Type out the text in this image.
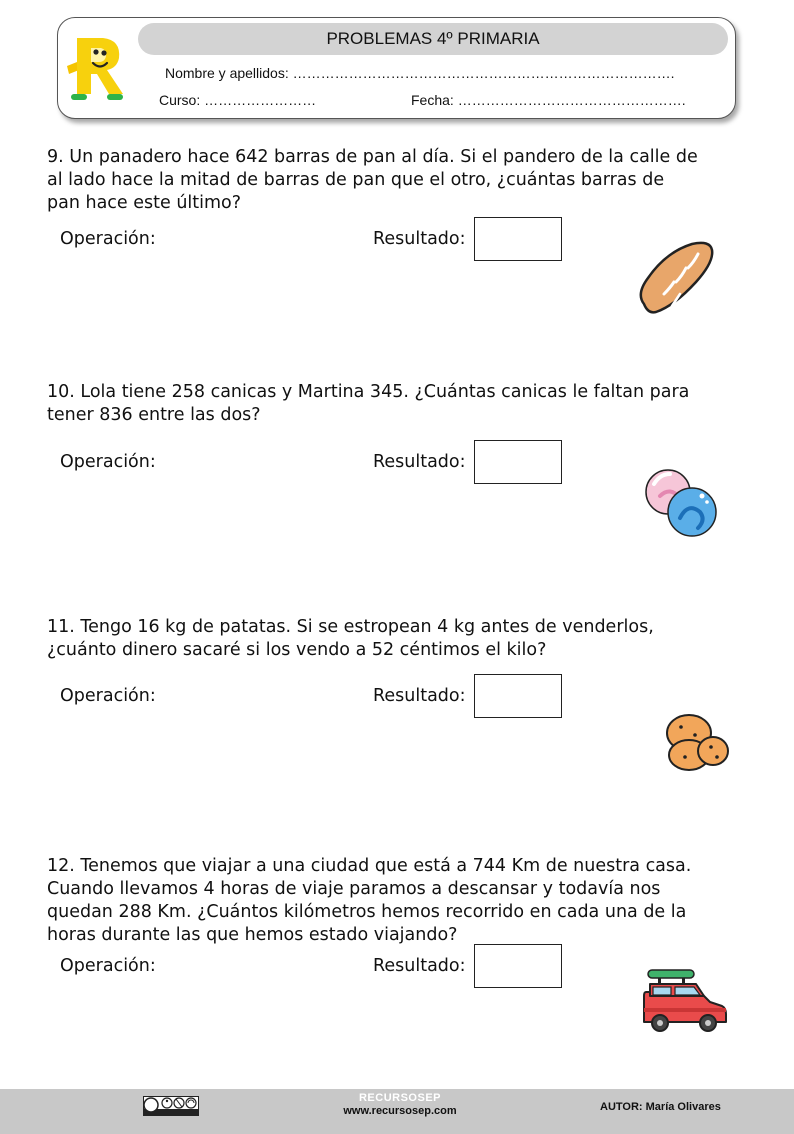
PROBLEMAS 4º PRIMARIA
Nombre y apellidos: ……………………………………………………………………….
Curso: ……………………	Fecha: ………………………………………….
9. Un panadero hace 642 barras de pan al día. Si el pandero de la calle de
al lado hace la mitad de barras de pan que el otro, ¿cuántas barras de
pan hace este último?
Operación:	Resultado:
10. Lola tiene 258 canicas y Martina 345. ¿Cuántas canicas le faltan para
tener 836 entre las dos?
Operación:	Resultado:
11. Tengo 16 kg de patatas. Si se estropean 4 kg antes de venderlos,
¿cuánto dinero sacaré si los vendo a 52 céntimos el kilo?
Operación:	Resultado:
12. Tenemos que viajar a una ciudad que está a 744 Km de nuestra casa.
Cuando llevamos 4 horas de viaje paramos a descansar y todavía nos
quedan 288 Km. ¿Cuántos kilómetros hemos recorrido en cada una de la
horas durante las que hemos estado viajando?
Operación:	Resultado:
RECURSOSEP
www.recursosep.com	AUTOR: María Olivares
